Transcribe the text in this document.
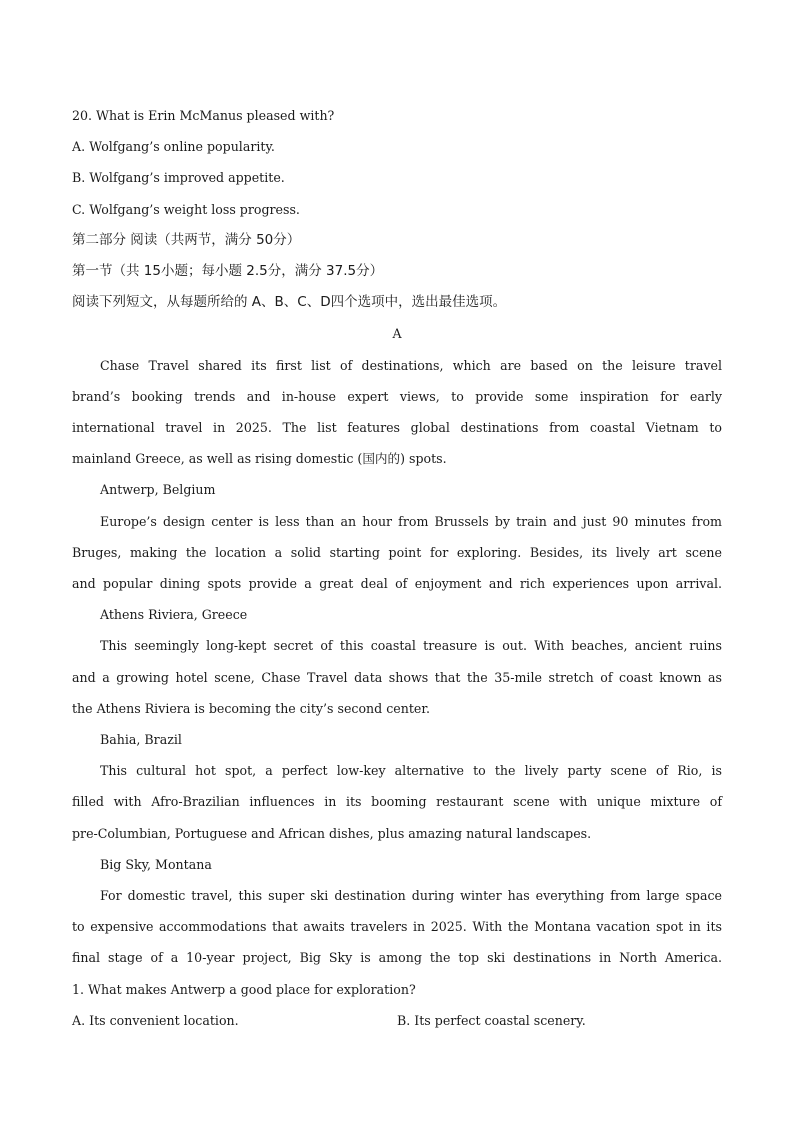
20. What is Erin McManus pleased with?

A. Wolfgang’s online popularity.

B. Wolfgang’s improved appetite.

C. Wolfgang’s weight loss progress.

第二部分 阅读（共两节，满分 50分）

第一节（共 15小题；每小题 2.5分，满分 37.5分）

阅读下列短文，从每题所给的 A、B、C、D四个选项中，选出最佳选项。

A

Chase Travel shared its first list of destinations, which are based on the leisure travel

brand’s booking trends and in-house expert views, to provide some inspiration for early

international travel in 2025. The list features global destinations from coastal Vietnam to

mainland Greece, as well as rising domestic (国内的) spots.

Antwerp, Belgium

Europe’s design center is less than an hour from Brussels by train and just 90 minutes from

Bruges, making the location a solid starting point for exploring. Besides, its lively art scene

and popular dining spots provide a great deal of enjoyment and rich experiences upon arrival.

Athens Riviera, Greece

This seemingly long-kept secret of this coastal treasure is out. With beaches, ancient ruins

and a growing hotel scene, Chase Travel data shows that the 35-mile stretch of coast known as

the Athens Riviera is becoming the city’s second center.

Bahia, Brazil

This cultural hot spot, a perfect low-key alternative to the lively party scene of Rio, is

filled with Afro-Brazilian influences in its booming restaurant scene with unique mixture of

pre-Columbian, Portuguese and African dishes, plus amazing natural landscapes.

Big Sky, Montana

For domestic travel, this super ski destination during winter has everything from large space

to expensive accommodations that awaits travelers in 2025. With the Montana vacation spot in its

final stage of a 10-year project, Big Sky is among the top ski destinations in North America.

1. What makes Antwerp a good place for exploration?

A. Its convenient location.	B. Its perfect coastal scenery.
